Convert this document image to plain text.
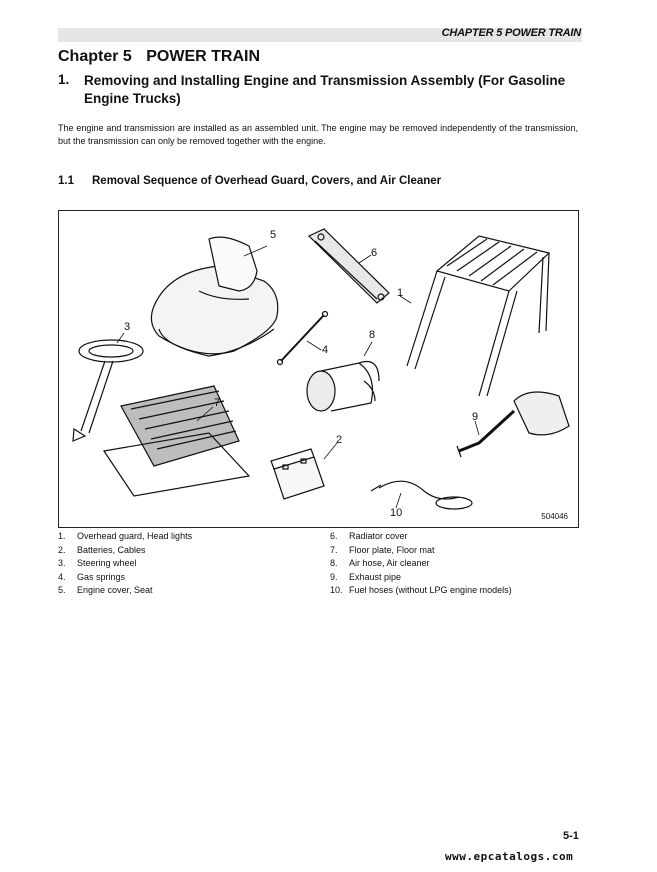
CHAPTER 5 POWER TRAIN
Chapter 5 POWER TRAIN
1. Removing and Installing Engine and Transmission Assembly (For Gasoline Engine Trucks)
The engine and transmission are installed as an assembled unit. The engine may be removed independently of the transmission, but the transmission can only be removed together with the engine.
1.1 Removal Sequence of Overhead Guard, Covers, and Air Cleaner
5
6
1
4
3
8
7
2
9
10	504046
1.	Overhead guard, Head lights
2.	Batteries, Cables
3.	Steering wheel
4.	Gas springs
5.	Engine cover, Seat
6.	Radiator cover
7.	Floor plate, Floor mat
8.	Air hose, Air cleaner
9.	Exhaust pipe
10. Fuel hoses (without LPG engine models)
5-1
www.epcatalogs.com
